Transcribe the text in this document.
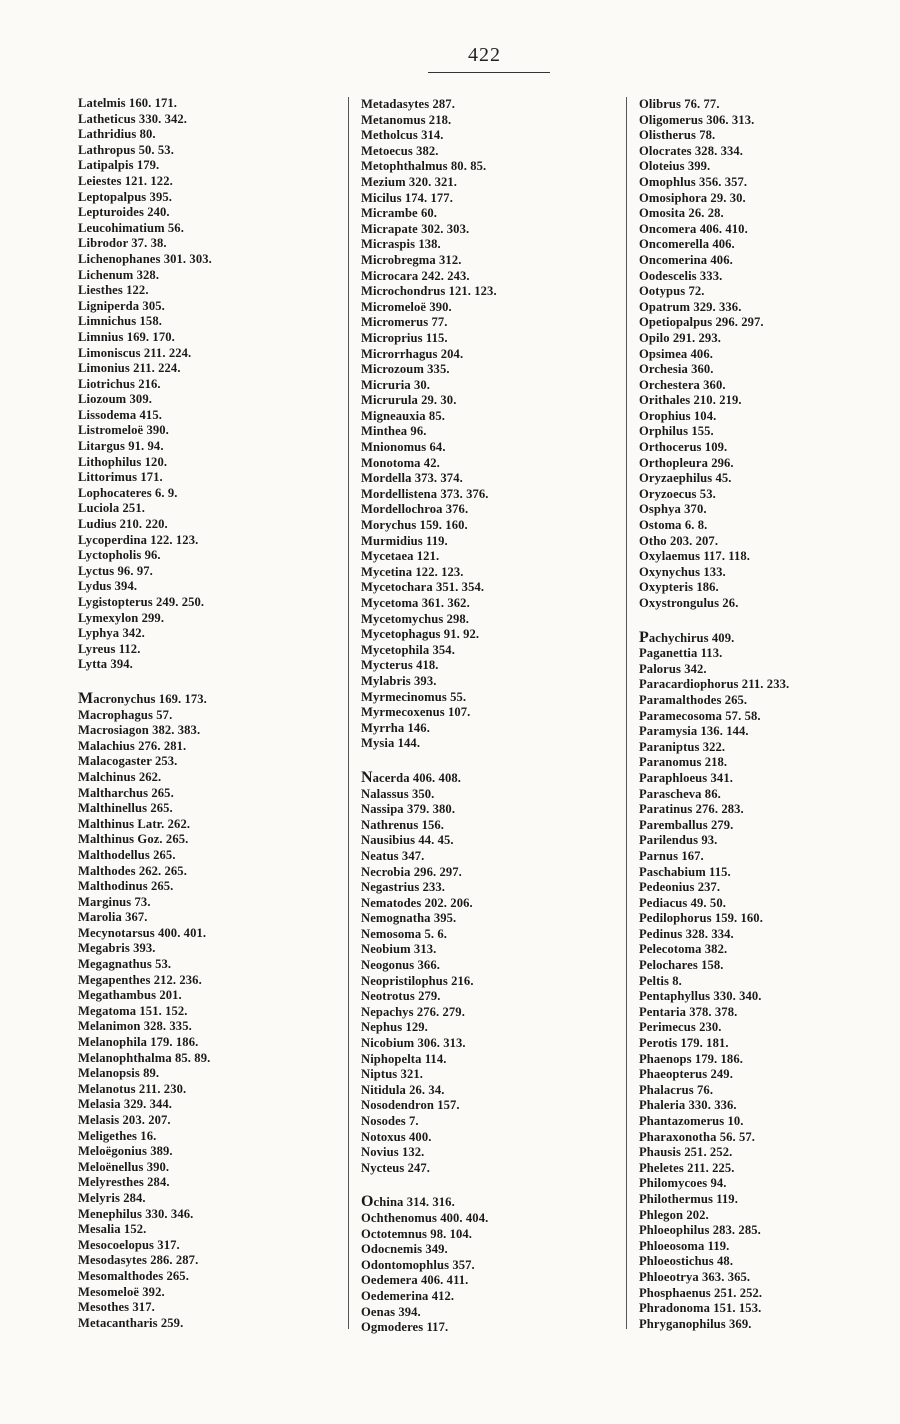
422
Latelmis 160. 171.
Latheticus 330. 342.
Lathridius 80.
Lathropus 50. 53.
Latipalpis 179.
Leiestes 121. 122.
Leptopalpus 395.
Lepturoides 240.
Leucohimatium 56.
Librodor 37. 38.
Lichenophanes 301. 303.
Lichenum 328.
Liesthes 122.
Ligniperda 305.
Limnichus 158.
Limnius 169. 170.
Limoniscus 211. 224.
Limonius 211. 224.
Liotrichus 216.
Liozoum 309.
Lissodema 415.
Listromeloë 390.
Litargus 91. 94.
Lithophilus 120.
Littorimus 171.
Lophocateres 6. 9.
Luciola 251.
Ludius 210. 220.
Lycoperdina 122. 123.
Lyctopholis 96.
Lyctus 96. 97.
Lydus 394.
Lygistopterus 249. 250.
Lymexylon 299.
Lyphya 342.
Lyreus 112.
Lytta 394.
Macronychus 169. 173.
Macrophagus 57.
Macrosiagon 382. 383.
Malachius 276. 281.
Malacogaster 253.
Malchinus 262.
Maltharchus 265.
Malthinellus 265.
Malthinus Latr. 262.
Malthinus Goz. 265.
Malthodellus 265.
Malthodes 262. 265.
Malthodinus 265.
Marginus 73.
Marolia 367.
Mecynotarsus 400. 401.
Megabris 393.
Megagnathus 53.
Megapenthes 212. 236.
Megathambus 201.
Megatoma 151. 152.
Melanimon 328. 335.
Melanophila 179. 186.
Melanophthalma 85. 89.
Melanopsis 89.
Melanotus 211. 230.
Melasia 329. 344.
Melasis 203. 207.
Meligethes 16.
Meloëgonius 389.
Meloënellus 390.
Melyresthes 284.
Melyris 284.
Menephilus 330. 346.
Mesalia 152.
Mesocoelopus 317.
Mesodasytes 286. 287.
Mesomalthodes 265.
Mesomeloë 392.
Mesothes 317.
Metacantharis 259.
Metadasytes 287.
Metanomus 218.
Metholcus 314.
Metoecus 382.
Metophthalmus 80. 85.
Mezium 320. 321.
Micilus 174. 177.
Micrambe 60.
Micrapate 302. 303.
Micraspis 138.
Microbregma 312.
Microcara 242. 243.
Microchondrus 121. 123.
Micromeloë 390.
Micromerus 77.
Microprius 115.
Microrrhagus 204.
Microzoum 335.
Micruria 30.
Micrurula 29. 30.
Migneauxia 85.
Minthea 96.
Mnionomus 64.
Monotoma 42.
Mordella 373. 374.
Mordellistena 373. 376.
Mordellochroa 376.
Morychus 159. 160.
Murmidius 119.
Mycetaea 121.
Mycetina 122. 123.
Mycetochara 351. 354.
Mycetoma 361. 362.
Mycetomychus 298.
Mycetophagus 91. 92.
Mycetophila 354.
Mycterus 418.
Mylabris 393.
Myrmecinomus 55.
Myrmecoxenus 107.
Myrrha 146.
Mysia 144.
Nacerda 406. 408.
Nalassus 350.
Nassipa 379. 380.
Nathrenus 156.
Nausibius 44. 45.
Neatus 347.
Necrobia 296. 297.
Negastrius 233.
Nematodes 202. 206.
Nemognatha 395.
Nemosoma 5. 6.
Neobium 313.
Neogonus 366.
Neopristilophus 216.
Neotrotus 279.
Nepachys 276. 279.
Nephus 129.
Nicobium 306. 313.
Niphopelta 114.
Niptus 321.
Nitidula 26. 34.
Nosodendron 157.
Nosodes 7.
Notoxus 400.
Novius 132.
Nycteus 247.
Ochina 314. 316.
Ochthenomus 400. 404.
Octotemnus 98. 104.
Odocnemis 349.
Odontomophlus 357.
Oedemera 406. 411.
Oedemerina 412.
Oenas 394.
Ogmoderes 117.
Olibrus 76. 77.
Oligomerus 306. 313.
Olistherus 78.
Olocrates 328. 334.
Oloteius 399.
Omophlus 356. 357.
Omosiphora 29. 30.
Omosita 26. 28.
Oncomera 406. 410.
Oncomerella 406.
Oncomerina 406.
Oodescelis 333.
Ootypus 72.
Opatrum 329. 336.
Opetiopalpus 296. 297.
Opilo 291. 293.
Opsimea 406.
Orchesia 360.
Orchestera 360.
Orithales 210. 219.
Orophius 104.
Orphilus 155.
Orthocerus 109.
Orthopleura 296.
Oryzaephilus 45.
Oryzoecus 53.
Osphya 370.
Ostoma 6. 8.
Otho 203. 207.
Oxylaemus 117. 118.
Oxynychus 133.
Oxypteris 186.
Oxystrongulus 26.
Pachychirus 409.
Paganettia 113.
Palorus 342.
Paracardiophorus 211. 233.
Paramalthodes 265.
Paramecosoma 57. 58.
Paramysia 136. 144.
Paraniptus 322.
Paranomus 218.
Paraphloeus 341.
Parascheva 86.
Paratinus 276. 283.
Paremballus 279.
Parilendus 93.
Parnus 167.
Paschabium 115.
Pedeonius 237.
Pediacus 49. 50.
Pedilophorus 159. 160.
Pedinus 328. 334.
Pelecotoma 382.
Pelochares 158.
Peltis 8.
Pentaphyllus 330. 340.
Pentaria 378. 378.
Perimecus 230.
Perotis 179. 181.
Phaenops 179. 186.
Phaeopterus 249.
Phalacrus 76.
Phaleria 330. 336.
Phantazomerus 10.
Pharaxonotha 56. 57.
Phausis 251. 252.
Pheletes 211. 225.
Philomycoes 94.
Philothermus 119.
Phlegon 202.
Phloeophilus 283. 285.
Phloeosoma 119.
Phloeostichus 48.
Phloeotrya 363. 365.
Phosphaenus 251. 252.
Phradonoma 151. 153.
Phryganophilus 369.
